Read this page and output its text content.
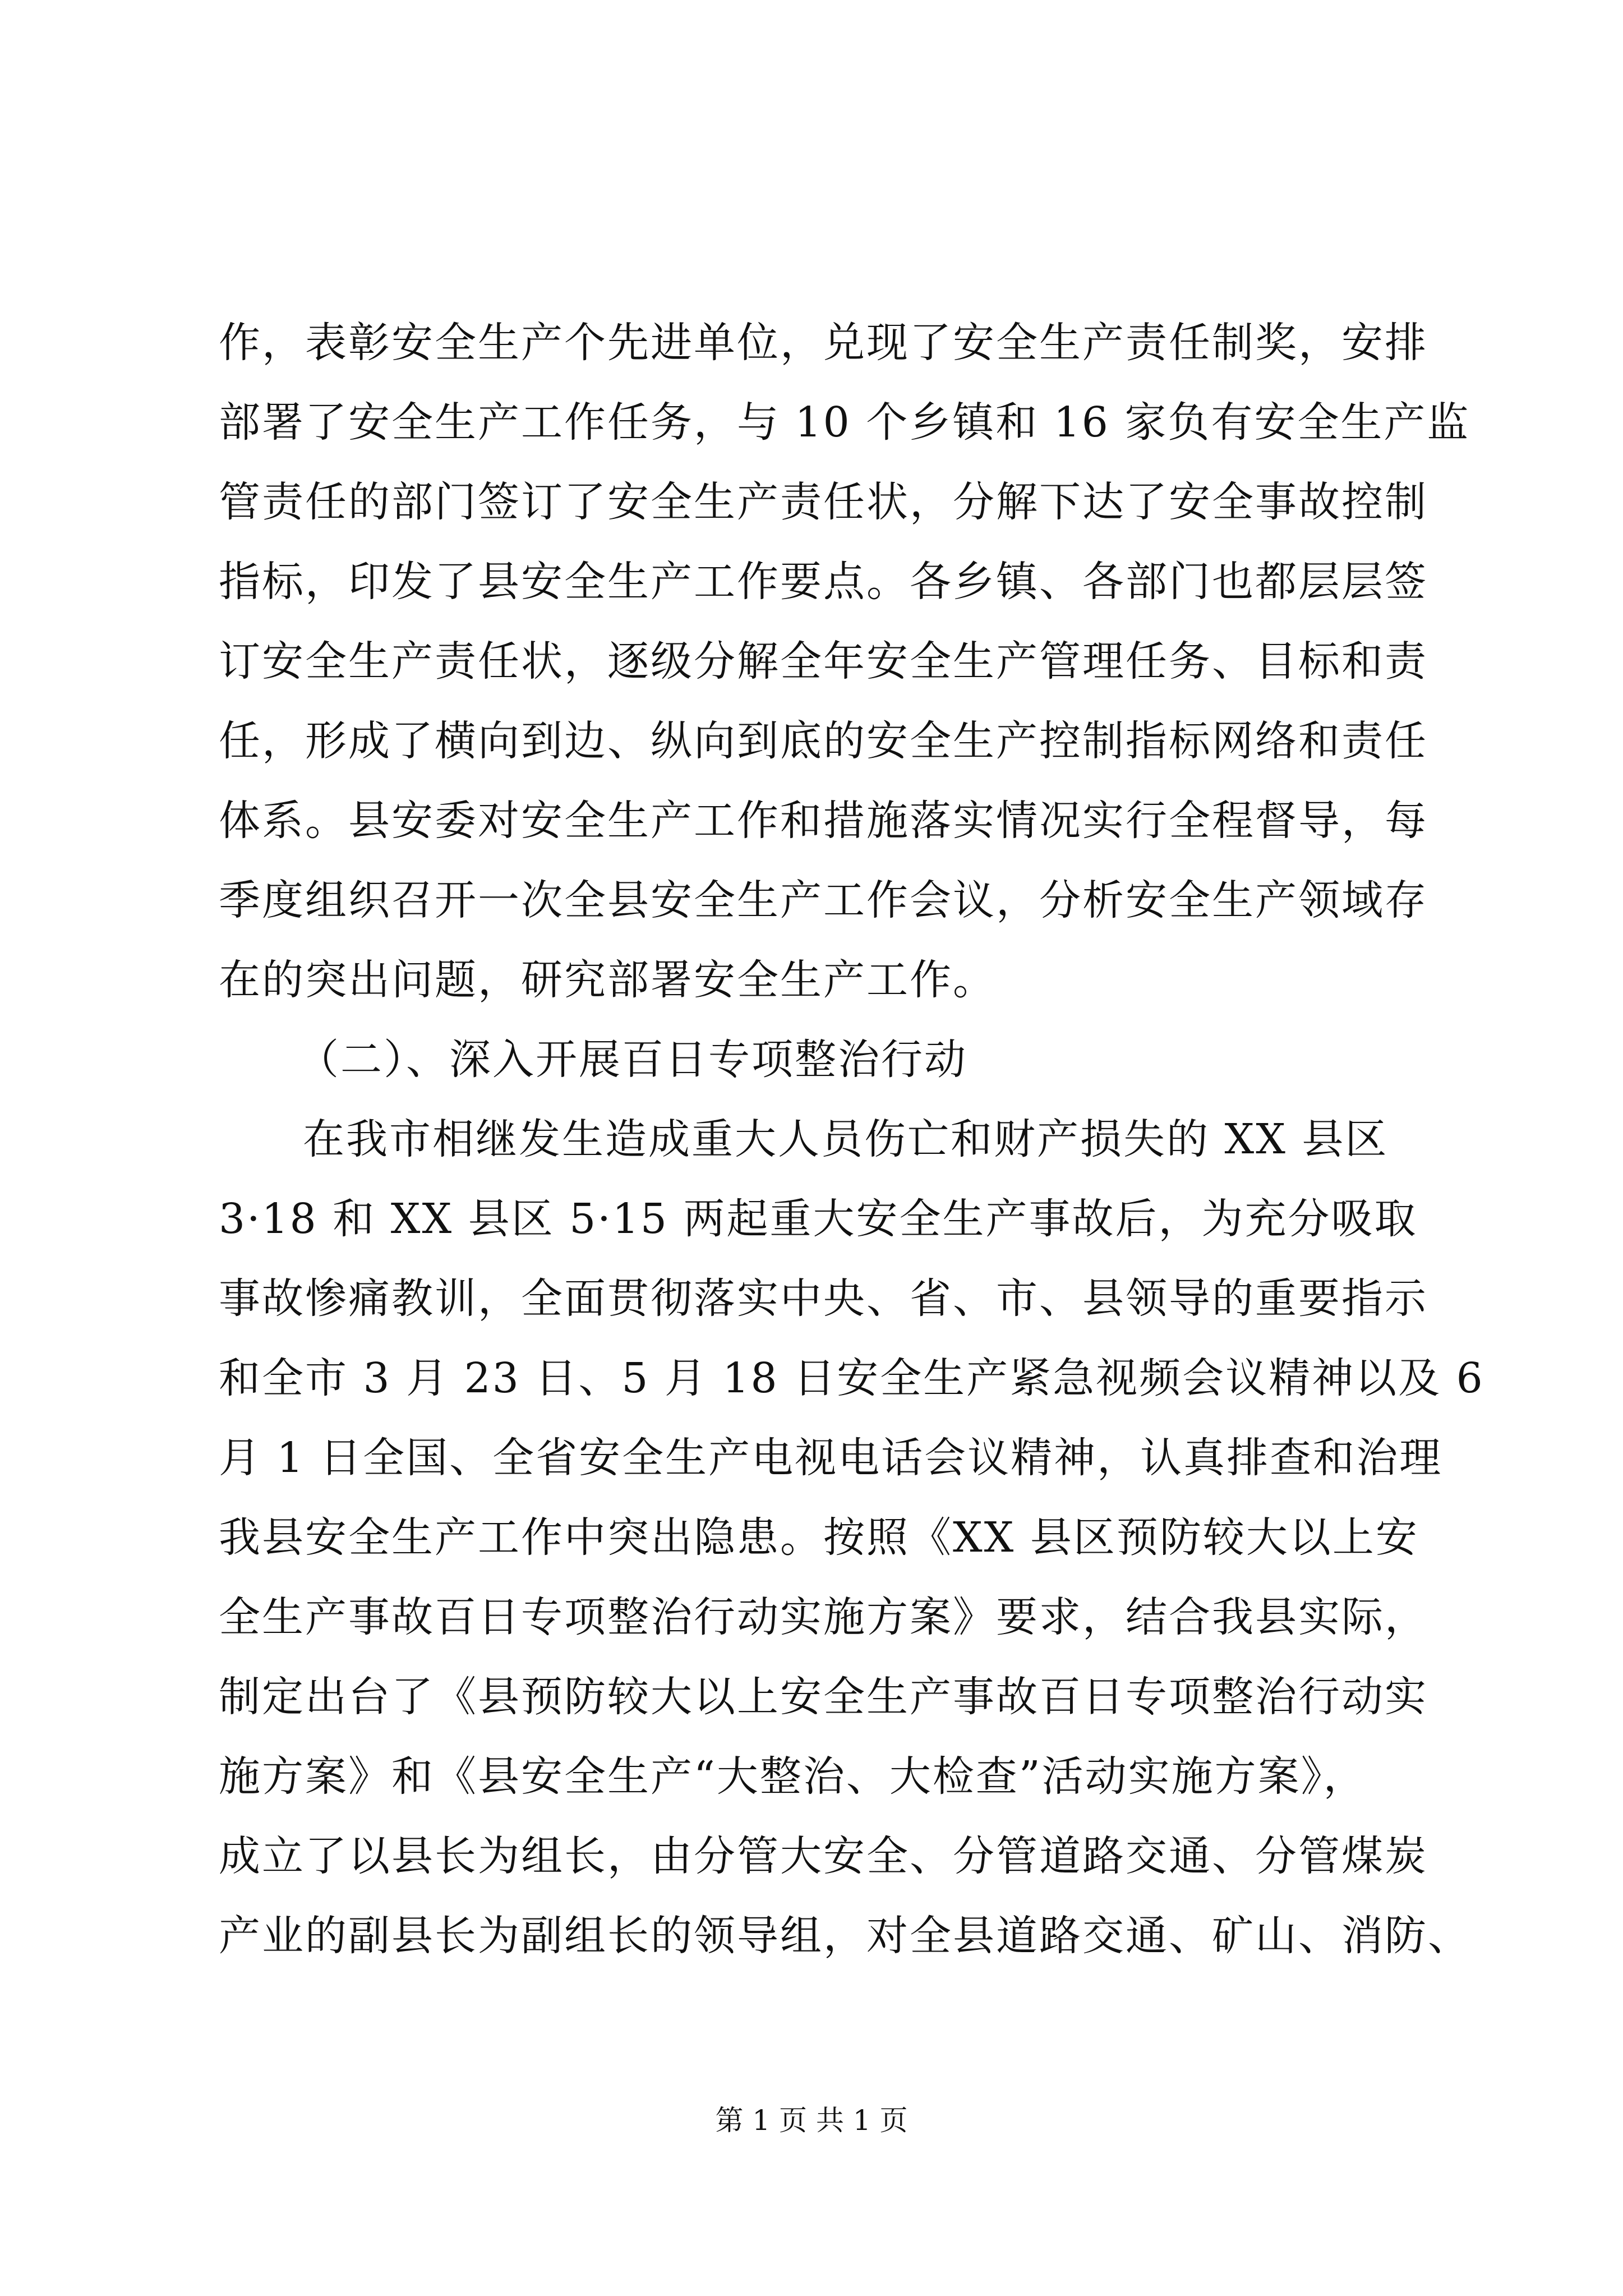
作，表彰安全生产个先进单位，兑现了安全生产责任制奖，安排
部署了安全生产工作任务，与 10 个乡镇和 16 家负有安全生产监
管责任的部门签订了安全生产责任状，分解下达了安全事故控制
指标，印发了县安全生产工作要点。各乡镇、各部门也都层层签
订安全生产责任状，逐级分解全年安全生产管理任务、目标和责
任，形成了横向到边、纵向到底的安全生产控制指标网络和责任
体系。县安委对安全生产工作和措施落实情况实行全程督导，每
季度组织召开一次全县安全生产工作会议，分析安全生产领域存
在的突出问题，研究部署安全生产工作。
（二）、深入开展百日专项整治行动
在我市相继发生造成重大人员伤亡和财产损失的 XX 县区
3·18 和 XX 县区 5·15 两起重大安全生产事故后，为充分吸取
事故惨痛教训，全面贯彻落实中央、省、市、县领导的重要指示
和全市 3 月 23 日、5 月 18 日安全生产紧急视频会议精神以及 6
月 1 日全国、全省安全生产电视电话会议精神，认真排查和治理
我县安全生产工作中突出隐患。按照《XX 县区预防较大以上安
全生产事故百日专项整治行动实施方案》要求，结合我县实际，
制定出台了《县预防较大以上安全生产事故百日专项整治行动实
施方案》和《县安全生产“大整治、大检查”活动实施方案》，
成立了以县长为组长，由分管大安全、分管道路交通、分管煤炭
产业的副县长为副组长的领导组，对全县道路交通、矿山、消防、
第 1 页 共 1 页
